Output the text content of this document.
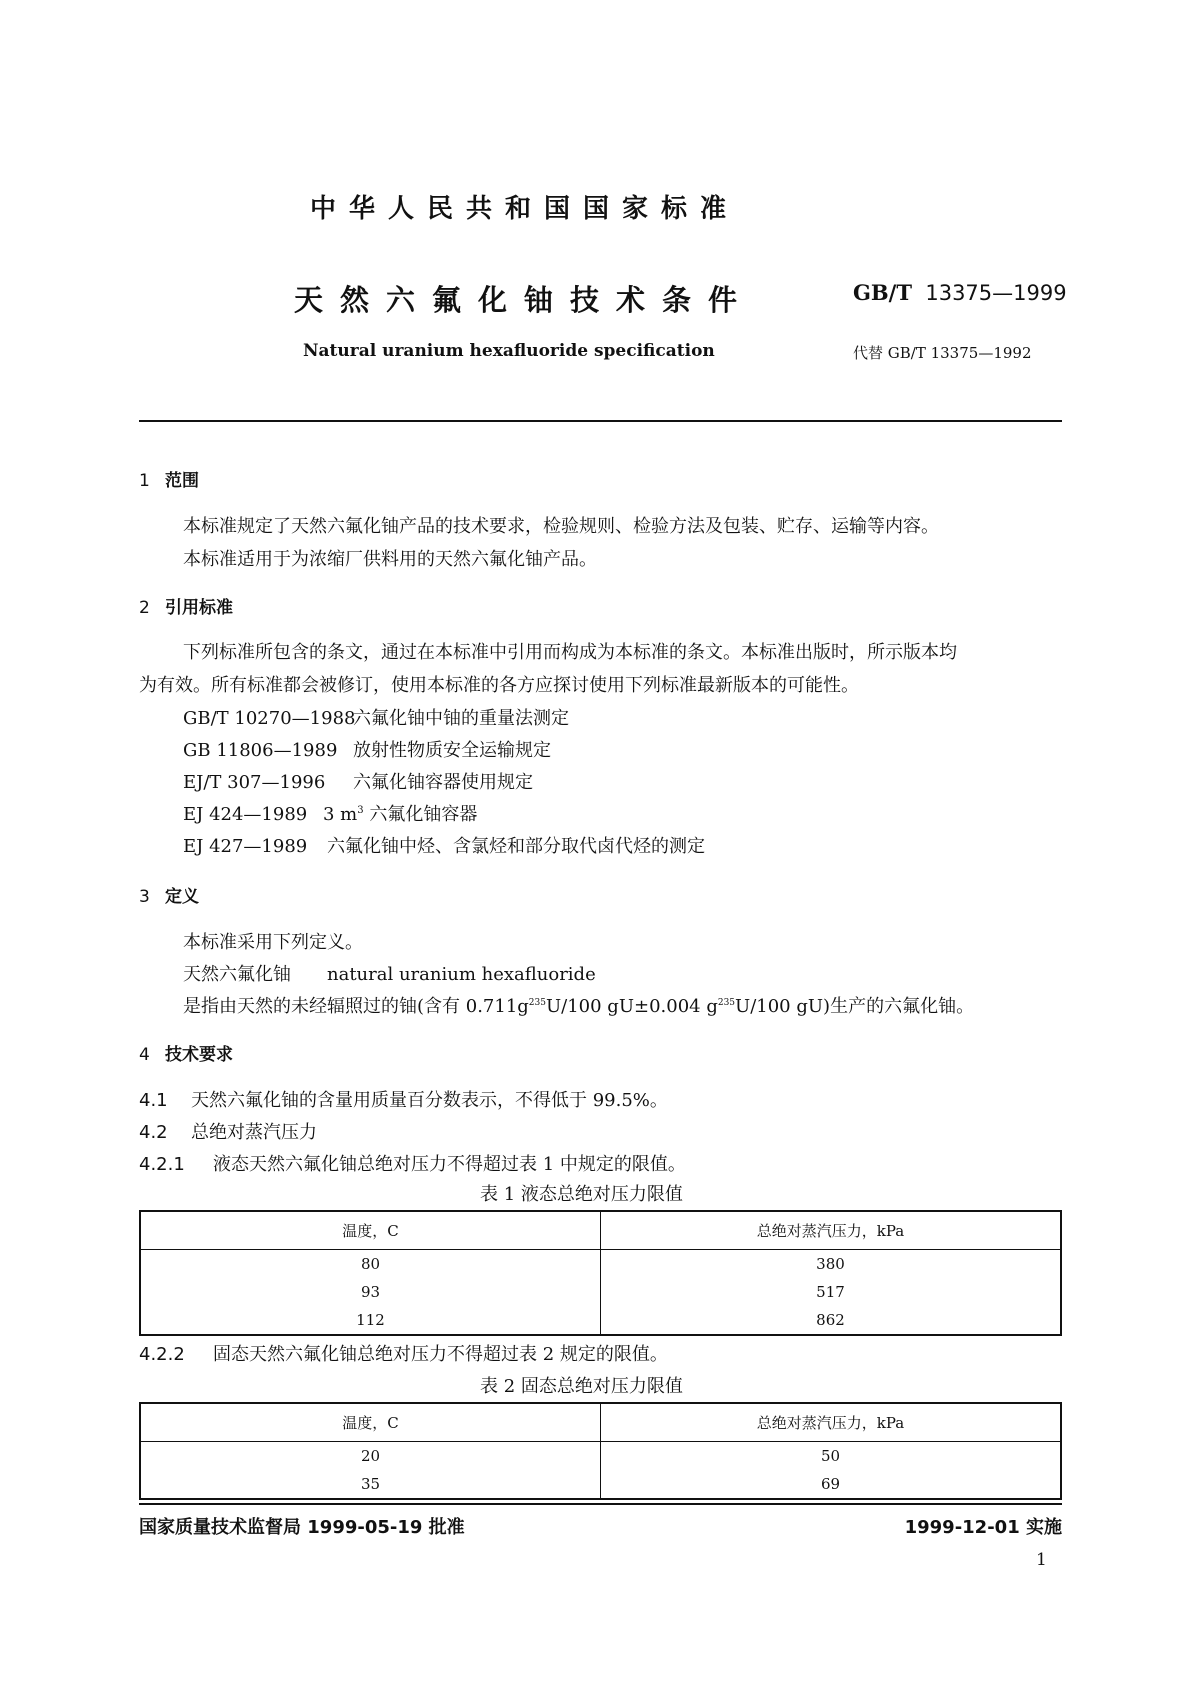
中华人民共和国国家标准
天然六氟化铀技术条件	GB/T 13375—1999
Natural uranium hexafluoride specification	代替 GB/T 13375—1992
1 范围
本标准规定了天然六氟化铀产品的技术要求，检验规则、检验方法及包装、贮存、运输等内容。
本标准适用于为浓缩厂供料用的天然六氟化铀产品。
2 引用标准
下列标准所包含的条文，通过在本标准中引用而构成为本标准的条文。本标准出版时，所示版本均
为有效。所有标准都会被修订，使用本标准的各方应探讨使用下列标准最新版本的可能性。
GB/T 10270—1988六氟化铀中铀的重量法测定
GB 11806—1989 放射性物质安全运输规定
EJ/T 307—1996 六氟化铀容器使用规定
EJ 424—1989 3 $m^3$ 六氟化铀容器
EJ 427—1989 六氟化铀中烃、含氯烃和部分取代卤代烃的测定
3 定义
本标准采用下列定义。
天然六氟化铀 natural uranium hexafluoride
是指由天然的未经辐照过的铀(含有 $0.711g^{235}U/100$ gU±0.004 $g^{235}U/100$ gU)生产的六氟化铀。
4 技术要求
4.1 天然六氟化铀的含量用质量百分数表示，不得低于 99.5%。
4.2 总绝对蒸汽压力
4.2.1 液态天然六氟化铀总绝对压力不得超过表 1 中规定的限值。
表 1 液态总绝对压力限值
温度，C	总绝对蒸汽压力，kPa
80	380
93	517
112	862
4.2.2 固态天然六氟化铀总绝对压力不得超过表 2 规定的限值。
表 2 固态总绝对压力限值
温度，C	总绝对蒸汽压力，kPa
20	50
35	69
国家质量技术监督局 1999-05-19 批准	1999-12-01 实施
1
